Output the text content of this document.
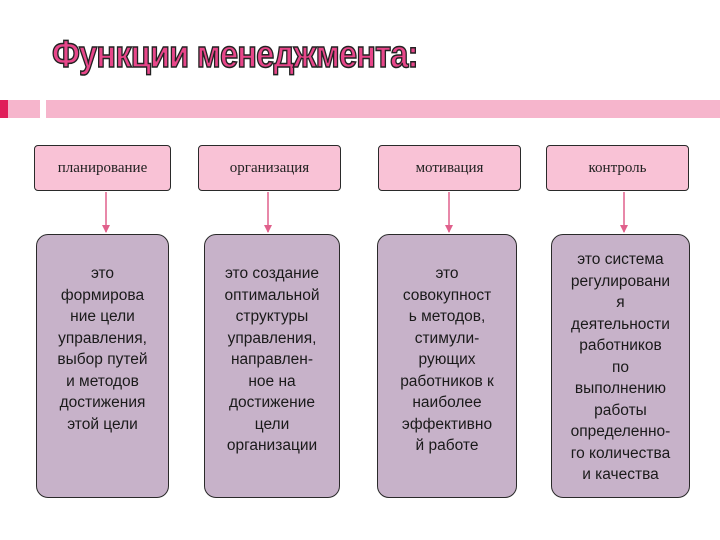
Функции менеджмента:
планирование	организация	мотивация	контроль
это
формирова
ние цели
управления,
выбор путей
и методов
достижения
этой цели
это создание
оптимальной
структуры
управления,
направлен-
ное на
достижение
цели
организации
это
совокупност
ь методов,
стимули-
рующих
работников к
наиболее
эффективно
й работе
это система
регулировани
я
деятельности
работников
по
выполнению
работы
определенно-
го количества
и качества
